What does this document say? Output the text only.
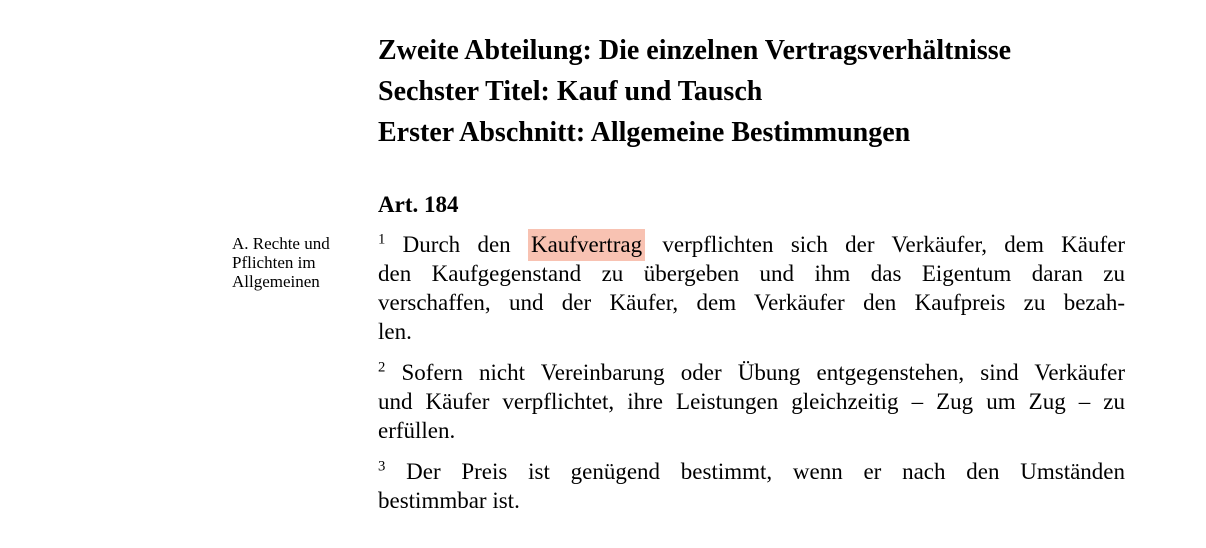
A. Rechte und
Pflichten im
Allgemeinen
Zweite Abteilung: Die einzelnen Vertragsverhältnisse
Sechster Titel: Kauf und Tausch
Erster Abschnitt: Allgemeine Bestimmungen
Art. 184
$^1$ Durch den Kaufvertrag verpflichten sich der Verkäufer, dem Käufer
den Kaufgegenstand zu übergeben und ihm das Eigentum daran zu
verschaffen, und der Käufer, dem Verkäufer den Kaufpreis zu bezah-
len.
$^2$ Sofern nicht Vereinbarung oder Übung entgegenstehen, sind Verkäufer
und Käufer verpflichtet, ihre Leistungen gleichzeitig – Zug um Zug – zu
erfüllen.
$^3$ Der Preis ist genügend bestimmt, wenn er nach den Umständen
bestimmbar ist.
